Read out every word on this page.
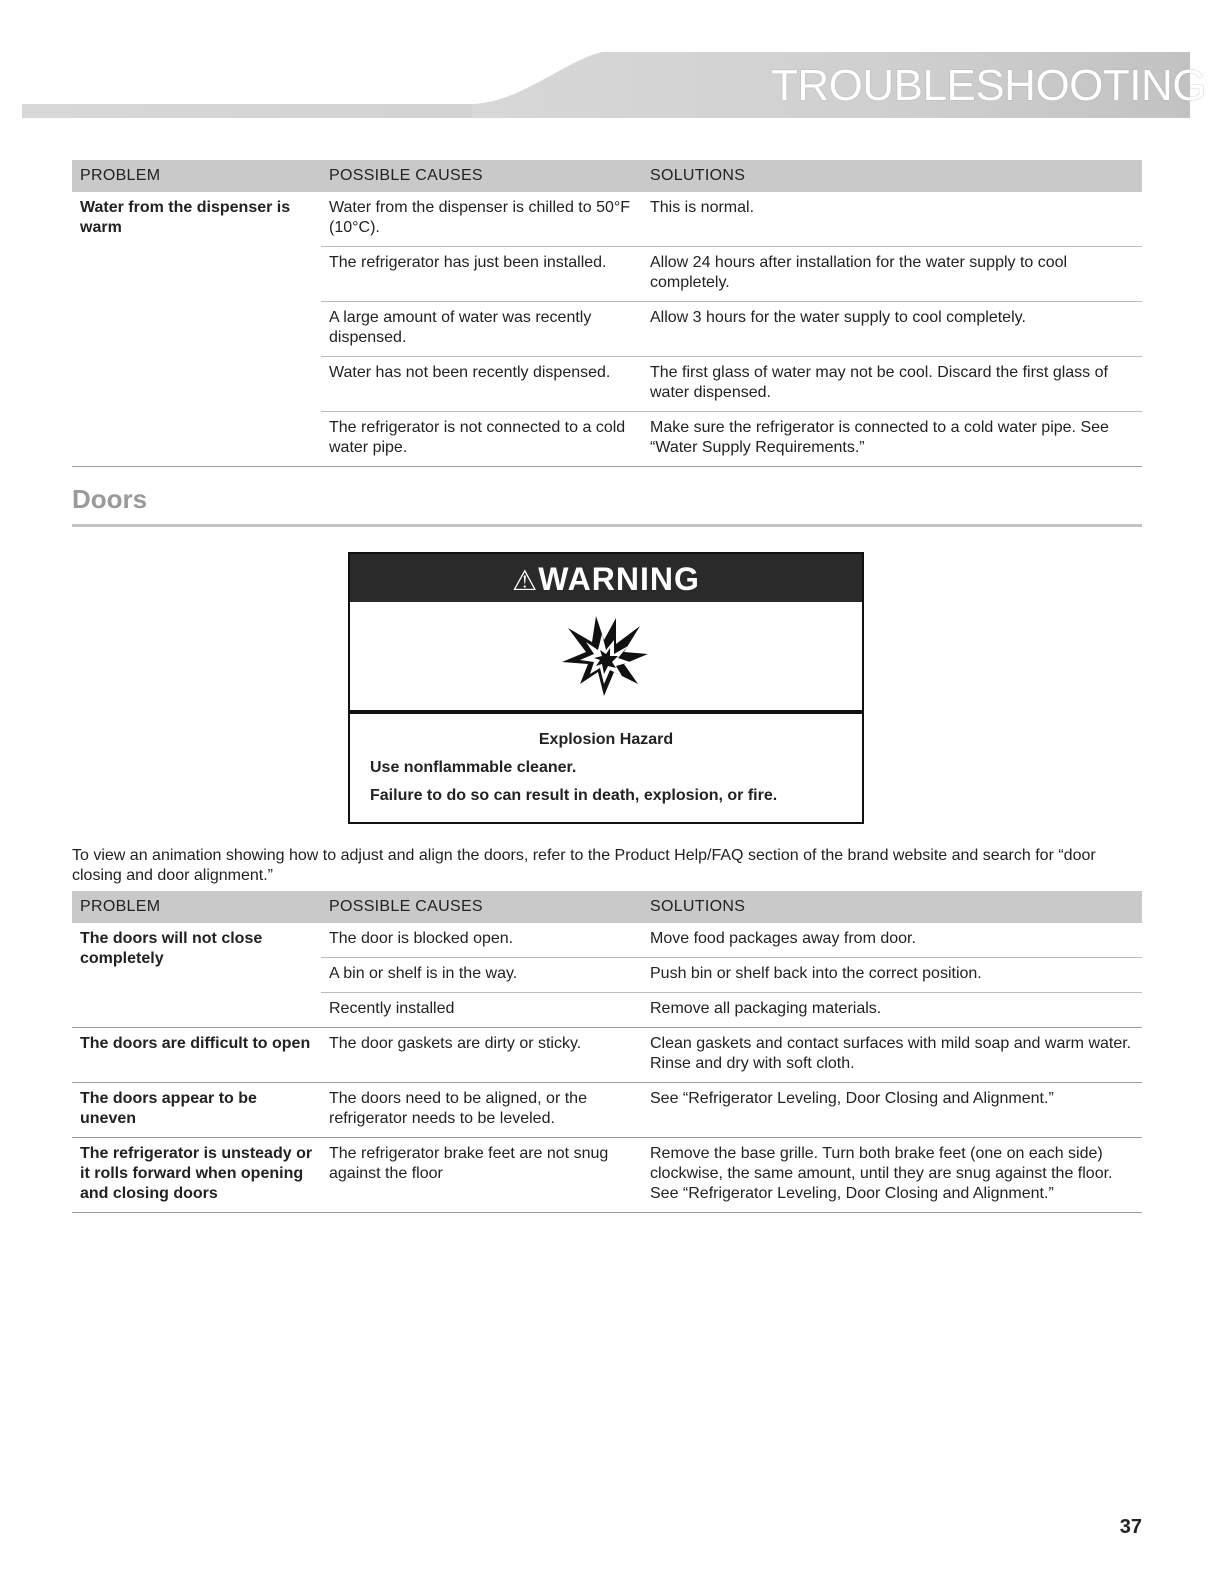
TROUBLESHOOTING
PROBLEM	POSSIBLE CAUSES	SOLUTIONS
Water from the dispenser is warm	Water from the dispenser is chilled to 50°F (10°C).	This is normal.
	The refrigerator has just been installed.	Allow 24 hours after installation for the water supply to cool completely.
	A large amount of water was recently dispensed.	Allow 3 hours for the water supply to cool completely.
	Water has not been recently dispensed.	The first glass of water may not be cool. Discard the first glass of water dispensed.
	The refrigerator is not connected to a cold water pipe.	Make sure the refrigerator is connected to a cold water pipe. See “Water Supply Requirements.”
Doors
⚠WARNING
Explosion Hazard
Use nonflammable cleaner.
Failure to do so can result in death, explosion, or fire.
To view an animation showing how to adjust and align the doors, refer to the Product Help/FAQ section of the brand website and search for “door closing and door alignment.”
PROBLEM	POSSIBLE CAUSES	SOLUTIONS
The doors will not close completely	The door is blocked open.	Move food packages away from door.
	A bin or shelf is in the way.	Push bin or shelf back into the correct position.
	Recently installed	Remove all packaging materials.
The doors are difficult to open	The door gaskets are dirty or sticky.	Clean gaskets and contact surfaces with mild soap and warm water. Rinse and dry with soft cloth.
The doors appear to be uneven	The doors need to be aligned, or the refrigerator needs to be leveled.	See “Refrigerator Leveling, Door Closing and Alignment.”
The refrigerator is unsteady or it rolls forward when opening and closing doors	The refrigerator brake feet are not snug against the floor	Remove the base grille. Turn both brake feet (one on each side) clockwise, the same amount, until they are snug against the floor. See “Refrigerator Leveling, Door Closing and Alignment.”
37
